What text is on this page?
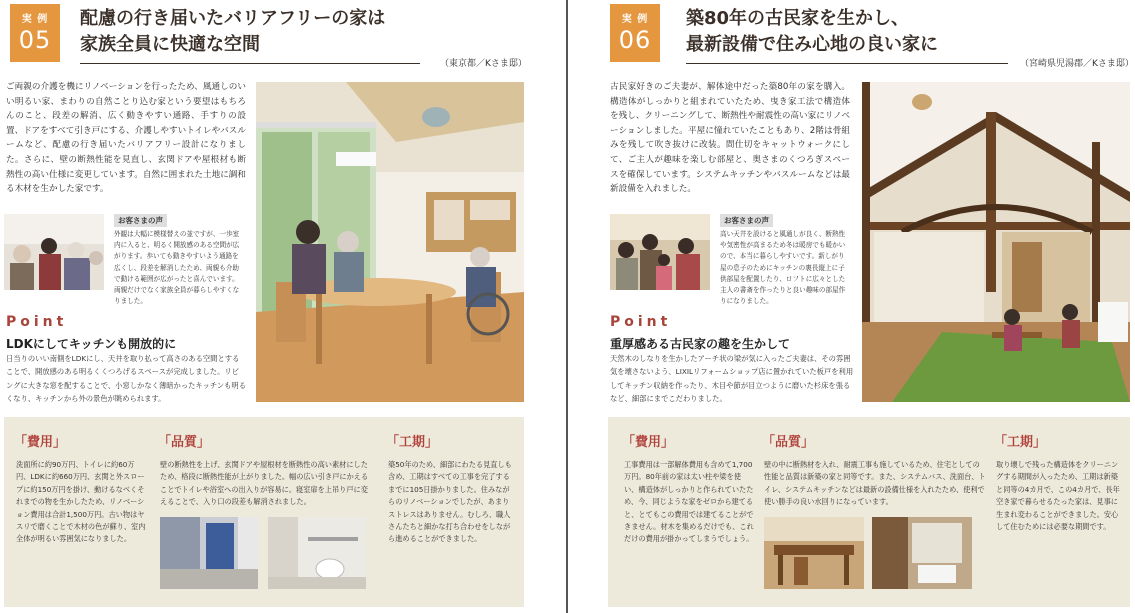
実 例
05
配慮の行き届いたバリアフリーの家は
家族全員に快適な空間
（東京都／Kさま邸）
ご両親の介護を機にリノベーションを行ったため、風通しのいい明るい家、まわりの自然ことり込む家という要望はもちろんのこと、段差の解消、広く動きやすい通路、手すりの設置、ドアをすべて引き戸にする、介護しやすいトイレやバスルームなど、配慮の行き届いたバリアフリー設計になりました。さらに、壁の断熱性能を見直し、玄関ドアや屋根材も断熱性の高い仕様に変更しています。自然に囲まれた土地に調和る木材を生かした家です。
お客さまの声
外観は大幅に模様替えの並ですが、一歩室内に入ると、明るく開放感のある空間が広がります。歩いても動きやすいよう通路を広くし、段差を解消したため、両親も介助で動ける範囲が広がったと喜んでいます。両親だけでなく家族全員が暮らしやすくなりました。
Point
LDKにしてキッチンも開放的に
日当りのいい南側をLDKにし、天井を取り払って高さのある空間とすることで、開放感のある明るくくつろげるスペースが完成しました。リビングに大きな窓を配することで、小窓しかなく薄暗かったキッチンも明るくなり、キッチンから外の景色が眺められます。
「費用」
洗面所に約90万円、トイレに約60万円、LDKに約660万円、玄関と外スロープに約150万円を掛け、動けるなべくそれまでの物を生かしたため、リノベーション費用は合計1,500万円。古い物はヤスリで磨くことで木材の色が蘇り、室内全体が明るい雰囲気になりました。
「品質」
壁の断熱性を上げ、玄関ドアや屋根材を断熱性の高い素材にしたため、格段に断熱性能が上がりました。幅の広い引き戸にかえることでトイレや浴室への出入りが容易に。寝室扉を上吊り戸に変えることで、入り口の段差も解消されました。
「工期」
築50年のため、細部にわたる見直しも含め、工期はすべての工事を完了するまでに105日掛かりました。住みながらのリノベーションでしたが、あまりストレスはありません。むしろ、職人さんたちと細かな打ち合わせをしながら進めることができました。
実 例
06
築80年の古民家を生かし、
最新設備で住み心地の良い家に
（宮崎県児湯郡／Kさま邸）
古民家好きのご夫妻が、解体途中だった築80年の家を購入。構造体がしっかりと組まれていたため、曳き家工法で構造体を残し、クリーニングして、断熱性や耐震性の高い家にリノベーションしました。平屋に憧れていたこともあり、2階は骨組みを残して吹き抜けに改装。間仕切をキャットウォークにして、ご主人が趣味を楽しむ部屋と、奥さまのくつろぎスペースを確保しています。システムキッチンやバスルームなどは最新設備を入れました。
お客さまの声
高い天井を設けると風通しが良く、断熱性や気密性が高まるため冬は暖房でも暖かいので、本当に暮らしやすいです。新しがり屋の息子のためにキッチンの裏長縦上に子供部屋を配置したり、ロフトに広々とした主人の書斎を作ったりと良い趣味の部屋作りになりました。
Point
重厚感ある古民家の趣を生かして
天然木のしなりを生かしたアーチ状の梁が気に入ったご夫妻は、その雰囲気を壊さないよう、LIXILリフォームショップ店に置かれていた板戸を利用してキッチン収納を作ったり、木目や節が目立つように磨いた杉床を張るなど、細部にまでこだわりました。
「費用」
工事費用は一部解体費用も含めて1,700万円。80年前の家は太い柱や梁を使い、構造体がしっかりと作られていたため、今、同じような家をゼロから建てると、とてもこの費用では建てることができません。材木を集めるだけでも、これだけの費用が掛かってしまうでしょう。
「品質」
壁の中に断熱材を入れ、耐震工事も施しているため、住宅としての性能と品質は新築の家と同等です。また、システムバス、洗面台、トイレ、システムキッチンなどは最新の設備仕様を入れたため、使利で使い勝手の良い水回りになっています。
「工期」
取り壊しで残った構造体をクリーニングする期間が入ったため、工期は新築と同等の4カ月で、この4カ月で、長年空き家で暮らせるたった家は、見事に生まれ変わることができました。安心して住むためには必要な期間です。
